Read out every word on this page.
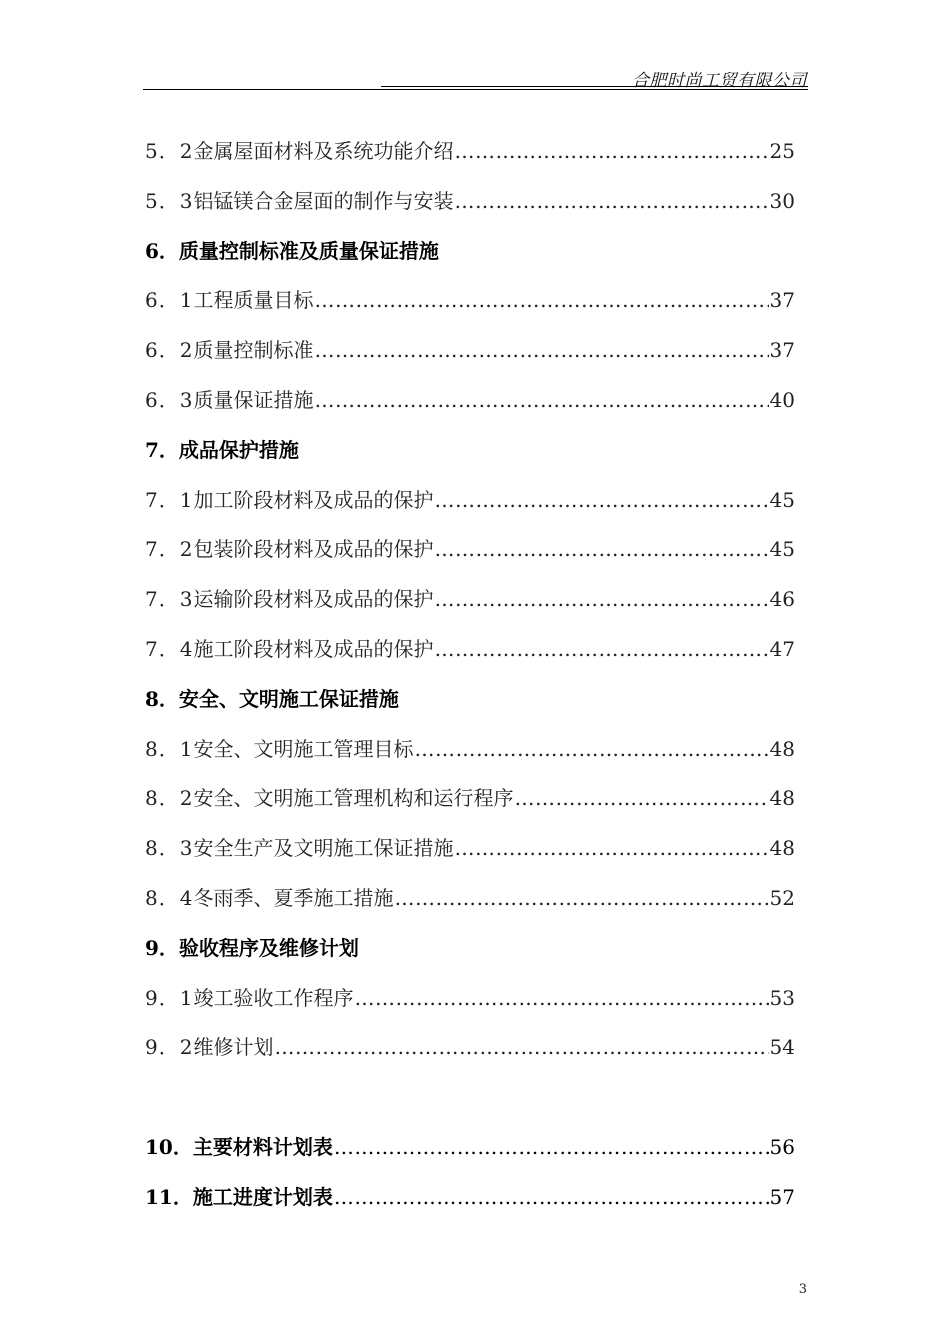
合肥时尚工贸有限公司
5．2金属屋面材料及系统功能介绍 ……………………………………………………………………………………………………………………………………………………………………	25
5．3铝锰镁合金屋面的制作与安装 ……………………………………………………………………………………………………………………………………………………………………	30
6．质量控制标准及质量保证措施
6．1工程质量目标 ……………………………………………………………………………………………………………………………………………………………………	37
6．2质量控制标准 ……………………………………………………………………………………………………………………………………………………………………	37
6．3质量保证措施 ……………………………………………………………………………………………………………………………………………………………………	40
7．成品保护措施
7．1加工阶段材料及成品的保护 ……………………………………………………………………………………………………………………………………………………………………	45
7．2包装阶段材料及成品的保护 ……………………………………………………………………………………………………………………………………………………………………	45
7．3运输阶段材料及成品的保护 ……………………………………………………………………………………………………………………………………………………………………	46
7．4施工阶段材料及成品的保护 ……………………………………………………………………………………………………………………………………………………………………	47
8．安全、文明施工保证措施
8．1安全、文明施工管理目标 ……………………………………………………………………………………………………………………………………………………………………	48
8．2安全、文明施工管理机构和运行程序 ……………………………………………………………………………………………………………………………………………………………………	48
8．3安全生产及文明施工保证措施 ……………………………………………………………………………………………………………………………………………………………………	48
8．4冬雨季、夏季施工措施 ……………………………………………………………………………………………………………………………………………………………………	52
9．验收程序及维修计划
9．1竣工验收工作程序 ……………………………………………………………………………………………………………………………………………………………………	53
9．2维修计划 ……………………………………………………………………………………………………………………………………………………………………	54
10．主要材料计划表 ……………………………………………………………………………………………………………………………………………………………………	56
11．施工进度计划表 ……………………………………………………………………………………………………………………………………………………………………	57
3
